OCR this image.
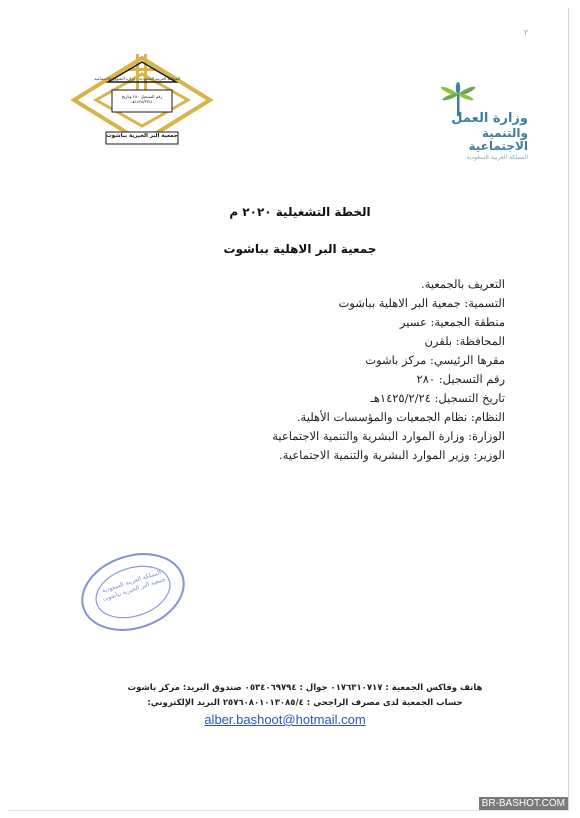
٢
رقم التسجيل ٢٨٠ وتاريخ ١٤٢٥/٢/٢٤هـ
جمعية البر الخيرية بباشوت
المملكة العربية السعودية - وزارة الشؤون الاجتماعية
وزارة العمل
والتنمية الاجتماعية
المملكة العربية السعودية
الخطة التشغيلية ٢٠٢٠ م
جمعية البر الاهلية بباشوت
التعريف بالجمعية.
التسمية: جمعية البر الاهلية بباشوت
منطقة الجمعية: عسير
المحافظة: بلقرن
مقرها الرئيسي: مركز باشوت
رقم التسجيل: ٢٨٠
تاريخ التسجيل: ١٤٢٥/٢/٢٤هـ
النظام: نظام الجمعيات والمؤسسات الأهلية.
الوزارة: وزارة الموارد البشرية والتنمية الاجتماعية
الوزير: وزير الموارد البشرية والتنمية الاجتماعية.
المملكة العربية السعودية جمعية البر الخيرية بباشوت
هاتف وفاكس الجمعية : ٠١٧٦٣١٠٧١٧ جوال : ٠٥٣٤٠٦٩٧٩٤ صندوق البريد: مركز باشوت
حساب الجمعية لدى مصرف الراجحي : ٢٥٧٦٠٨٠١٠١٣٠٨٥/٤ البريد الإلكتروني:
alber.bashoot@hotmail.com
BR-BASHOT.COM
